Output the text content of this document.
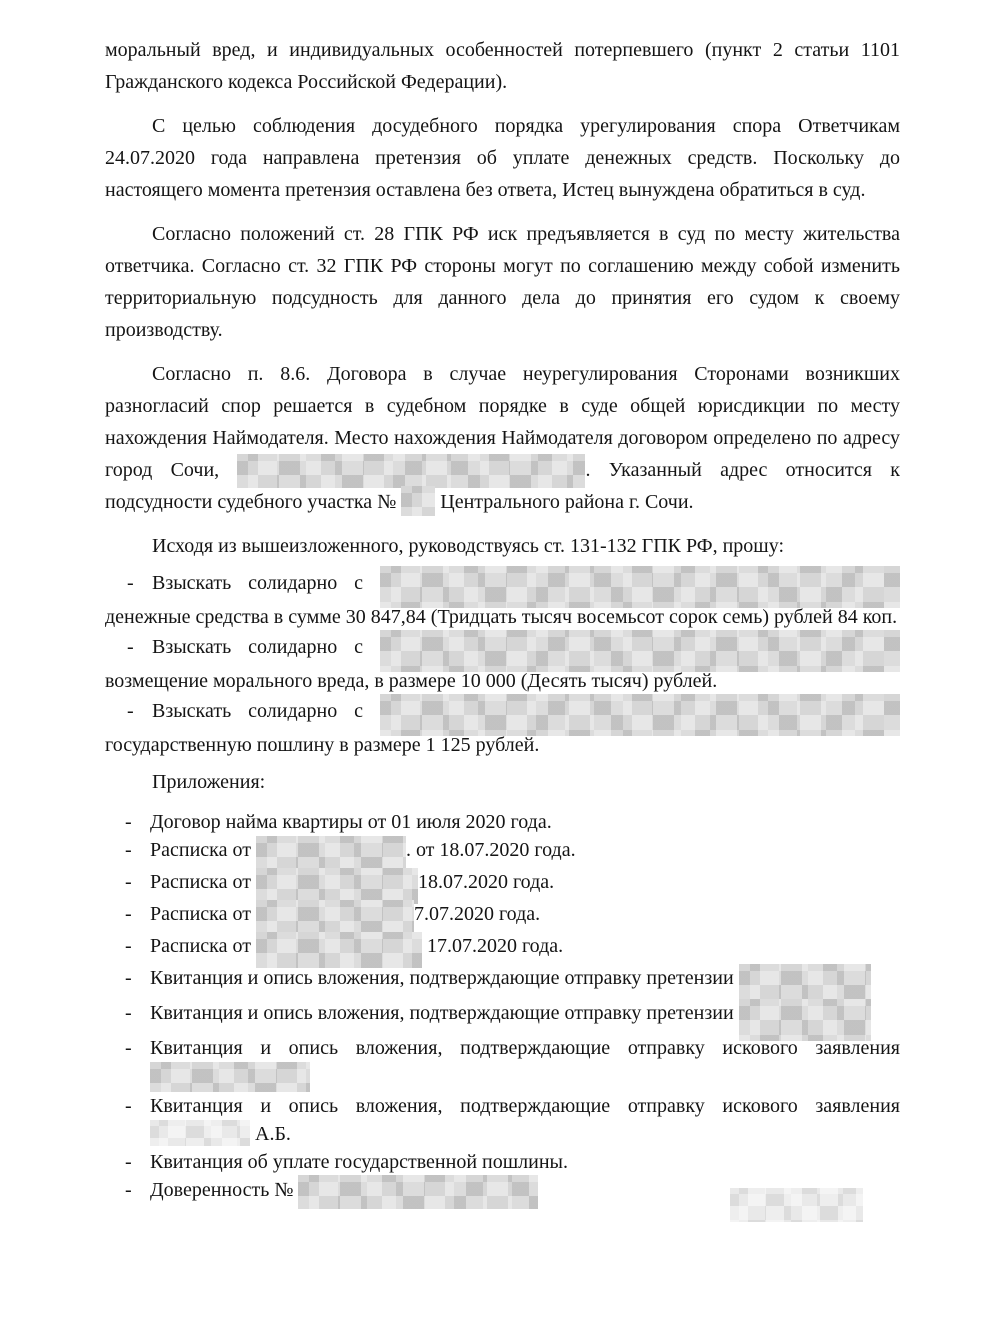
моральный вред, и индивидуальных особенностей потерпевшего (пункт 2 статьи 1101 Гражданского кодекса Российской Федерации).

С целью соблюдения досудебного порядка урегулирования спора Ответчикам 24.07.2020 года направлена претензия об уплате денежных средств. Поскольку до настоящего момента претензия оставлена без ответа, Истец вынуждена обратиться в суд.

Согласно положений ст. 28 ГПК РФ иск предъявляется в суд по месту жительства ответчика. Согласно ст. 32 ГПК РФ стороны могут по соглашению между собой изменить территориальную подсудность для данного дела до принятия его судом к своему производству.

Согласно п. 8.6. Договора в случае неурегулирования Сторонами возникших разногласий спор решается в судебном порядке в суде общей юрисдикции по месту нахождения Наймодателя. Место нахождения Наймодателя договором определено по адресу город Сочи,	. Указанный адрес относится к подсудности судебного участка № Центрального района г. Сочи.

Исходя из вышеизложенного, руководствуясь ст. 131-132 ГПК РФ, прошу:

- Взыскать солидарно с  денежные средства в сумме 30 847,84 (Тридцать тысяч восемьсот сорок семь) рублей 84 коп.

- Взыскать солидарно с  возмещение морального вреда, в размере 10 000 (Десять тысяч) рублей.

- Взыскать солидарно с  государственную пошлину в размере 1 125 рублей.

Приложения:

- Договор найма квартиры от 01 июля 2020 года.

- Расписка от	. от 18.07.2020 года.

- Расписка от	18.07.2020 года.

- Расписка от	7.07.2020 года.

- Расписка от	17.07.2020 года.

- Квитанция и опись вложения, подтверждающие отправку претензии

- Квитанция и опись вложения, подтверждающие отправку претензии

- Квитанция и опись вложения, подтверждающие отправку искового заявления

- Квитанция и опись вложения, подтверждающие отправку искового заявления  А.Б.

- Квитанция об уплате государственной пошлины.

- Доверенность №
